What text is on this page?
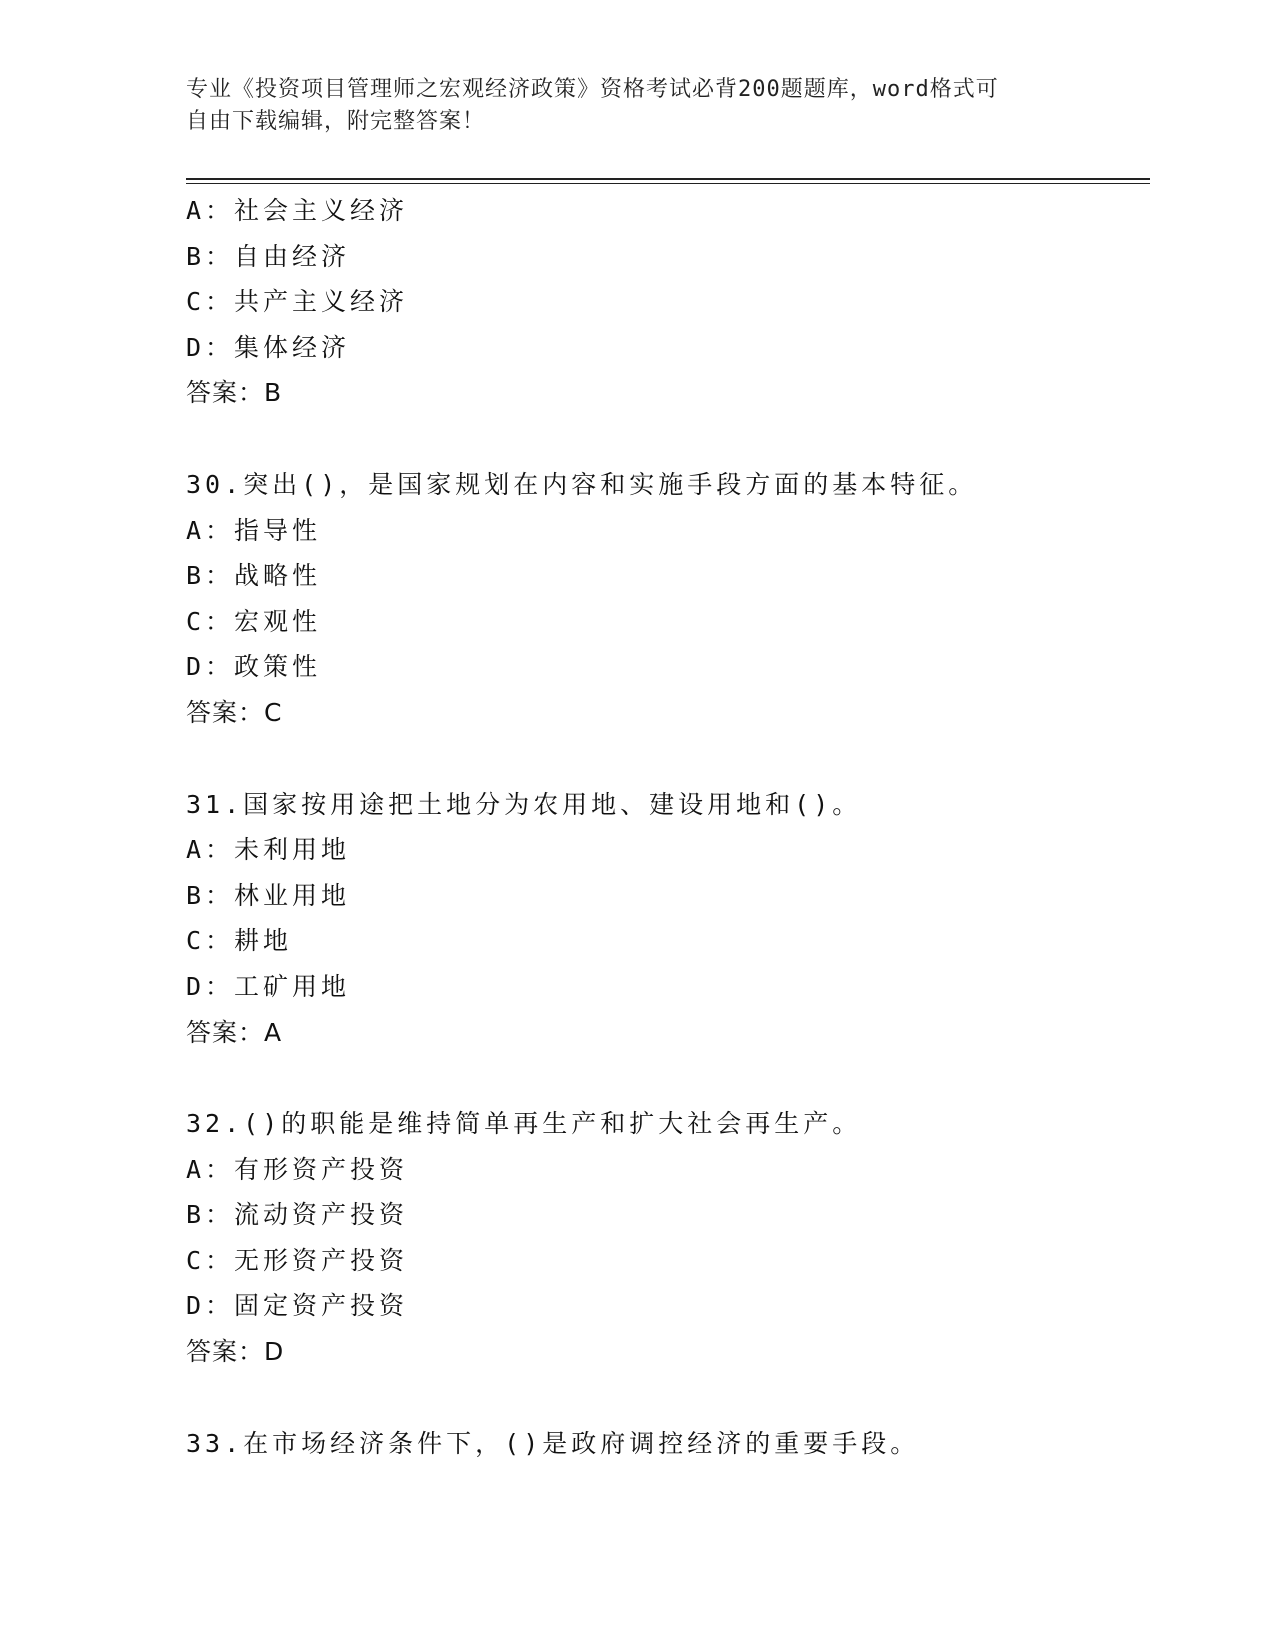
专业《投资项目管理师之宏观经济政策》资格考试必背200题题库，word格式可
自由下载编辑，附完整答案！
A：社会主义经济
B：自由经济
C：共产主义经济
D：集体经济
答案：B
30.突出()，是国家规划在内容和实施手段方面的基本特征。
A：指导性
B：战略性
C：宏观性
D：政策性
答案：C
31.国家按用途把土地分为农用地、建设用地和()。
A：未利用地
B：林业用地
C：耕地
D：工矿用地
答案：A
32.()的职能是维持简单再生产和扩大社会再生产。
A：有形资产投资
B：流动资产投资
C：无形资产投资
D：固定资产投资
答案：D
33.在市场经济条件下，()是政府调控经济的重要手段。
